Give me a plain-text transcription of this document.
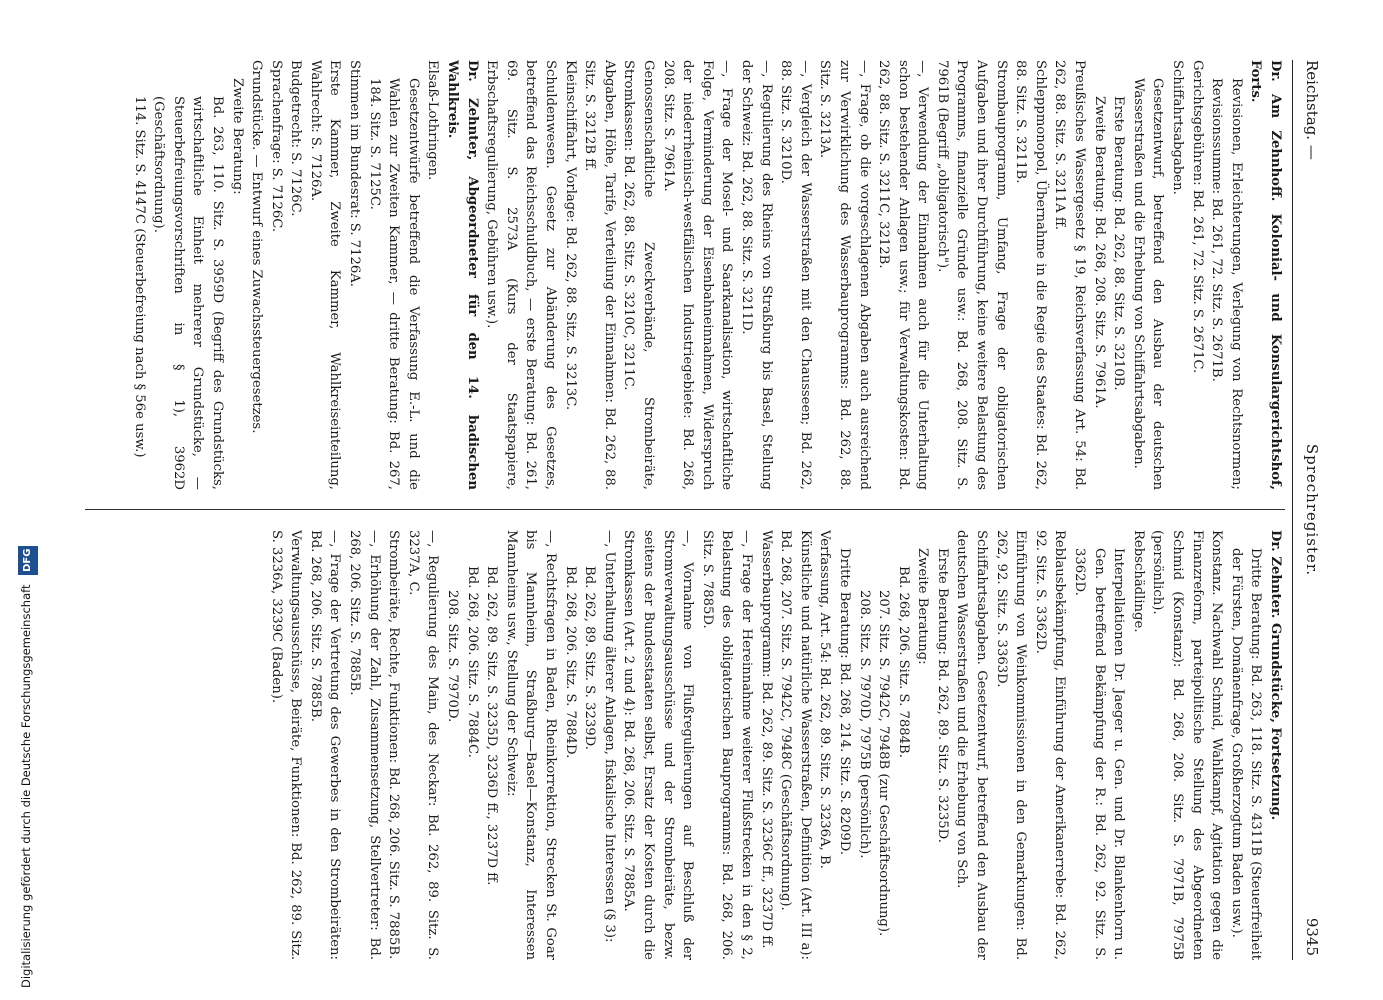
Reichstag. —
Sprechregister.
9345

Dr. Am Zehnhoff. Kolonial- und Konsulargerichtshof, Forts.

Revisionen, Erleichterungen, Verlegung von Rechtsnormen; Revisionssumme: Bd. 261, 72. Sitz. S. 2671B.

Gerichtsgebühren: Bd. 261, 72. Sitz. S. 2671C.

Schiffahrtsabgaben.

Gesetzentwurf, betreffend den Ausbau der deutschen Wasserstraßen und die Erhebung von Schiffahrtsabgaben.

Erste Beratung: Bd. 262, 88. Sitz. S. 3210B.

Zweite Beratung: Bd. 268, 208. Sitz. S. 7961A.

Preußisches Wassergesetz § 19, Reichsverfassung Art. 54: Bd. 262, 88. Sitz. S. 3211A ff.

Schleppmonopol, Übernahme in die Regie des Staates: Bd. 262, 88. Sitz. S. 3211B.

Strombauprogramm, Umfang, Frage der obligatorischen Aufgaben und ihrer Durchführung, keine weitere Belastung des Programms, finanzielle Gründe usw.: Bd. 268, 208. Sitz. S. 7961B (Begriff „obligatorisch").

—, Verwendung der Einnahmen auch für die Unterhaltung schon bestehender Anlagen usw.; für Verwaltungskosten: Bd. 262, 88. Sitz. S. 3211C, 3212B.

—, Frage, ob die vorgeschlagenen Abgaben auch ausreichend zur Verwirklichung des Wasserbauprogramms: Bd. 262, 88. Sitz. S. 3213A.

—, Vergleich der Wasserstraßen mit den Chausseen; Bd. 262, 88. Sitz. S. 3210D.

—, Regulierung des Rheins von Straßburg bis Basel, Stellung der Schweiz: Bd. 262, 88. Sitz. S. 3211D.

—, Frage der Mosel- und Saarkanalisation, wirtschaftliche Folge, Verminderung der Eisenbahneinnahmen, Widerspruch der niederrheinisch-westfälischen Industriegebiete: Bd. 268, 208. Sitz. S. 7961A.

Genossenschaftliche Zweckverbände, Strombeiräte, Stromkassen: Bd. 262, 88. Sitz. S. 3210C, 3211C.

Abgaben, Höhe, Tarife, Verteilung der Einnahmen: Bd. 262, 88. Sitz. S. 3212B ff.

Kleinschiffahrt, Vorlage: Bd. 262, 88. Sitz. S. 3213C.

Schuldenwesen. Gesetz zur Abänderung des Gesetzes, betreffend das Reichsschuldbuch, — erste Beratung: Bd. 261, 69. Sitz. S. 2573A (Kurs der Staatspapiere, Erbschaftsregulierung, Gebühren usw.).

Dr. Zehnter, Abgeordneter für den 14. badischen Wahlkreis.

Elsaß-Lothringen.

Gesetzentwürfe betreffend die Verfassung E.-L. und die Wahlen zur Zweiten Kammer, — dritte Beratung: Bd. 267, 184. Sitz. S. 7125C.

Stimmen im Bundesrat: S. 7126A.

Erste Kammer, Zweite Kammer, Wahlkreiseinteilung, Wahlrecht: S. 7126A.

Budgetrecht: S. 7126C.

Sprachenfrage: S. 7126C.

Grundstücke. — Entwurf eines Zuwachssteuergesetzes.

Zweite Beratung:

Bd. 263, 110. Sitz. S. 3959D (Begriff des Grundstücks, wirtschaftliche Einheit mehrerer Grundstücke, — Steuerbefreiungsvorschriften in § 1), 3962D (Geschäftsordnung).

114. Sitz. S. 4147C (Steuerbefreiung nach § 56e usw.)

Dr. Zehnter. Grundstücke, Fortsetzung.

Dritte Beratung: Bd. 263, 118. Sitz. S. 4311B (Steuerfreiheit der Fürsten, Domänenfrage, Großherzogtum Baden usw.).

Konstanz. Nachwahl Schmid, Wahlkampf, Agitation gegen die Finanzreform, parteipolitische Stellung des Abgeordneten Schmid (Konstanz): Bd. 268, 208. Sitz. S. 7971B, 7975B (persönlich).

Rebschädlinge.

Interpellationen Dr. Jaeger u. Gen. und Dr. Blankenhorn u. Gen. betreffend Bekämpfung der R.: Bd. 262, 92. Sitz. S. 3362D.

Reblausbekämpfung, Einführung der Amerikanerrebe: Bd. 262, 92. Sitz. S. 3362D.

Einführung von Weinkommissionen in den Gemarkungen: Bd. 262, 92. Sitz. S. 3363D.

Schiffahrtsabgaben. Gesetzentwurf, betreffend den Ausbau der deutschen Wasserstraßen und die Erhebung von Sch.

Erste Beratung: Bd. 262, 89. Sitz. S. 3235D.

Zweite Beratung:

Bd. 268, 206. Sitz. S. 7884B.

207. Sitz. S. 7942C, 7948B (zur Geschäftsordnung).

208. Sitz. S. 7970D, 7975B (persönlich).

Dritte Beratung: Bd. 268, 214. Sitz. S. 8209D.

Verfassung, Art. 54: Bd. 262, 89. Sitz. S. 3236A, B.

Künstliche und natürliche Wasserstraßen, Definition (Art. III a): Bd. 268, 207. Sitz. S. 7942C, 7948C (Geschäftsordnung).

Wasserbauprogramm: Bd. 262, 89. Sitz. S. 3236C ff., 3237D ff.

—, Frage der Hereinnahme weiterer Flußstrecken in den § 2, Belastung des obligatorischen Bauprogramms: Bd. 268, 206. Sitz. S. 7885D.

—, Vornahme von Flußregulierungen auf Beschluß der Stromverwaltungsausschüsse und der Strombeiräte, bezw. seitens der Bundesstaaten selbst, Ersatz der Kosten durch die Stromkassen (Art. 2 und 4): Bd. 268, 206. Sitz. S. 7885A.

—, Unterhaltung älterer Anlagen, fiskalische Interessen (§ 3):

Bd. 262, 89. Sitz. S. 3239D.

Bd. 268, 206. Sitz. S. 7884D.

—, Rechtsfragen in Baden, Rheinkorrektion, Strecken St. Goar bis Mannheim, Straßburg—Basel—Konstanz, Interessen Mannheims usw., Stellung der Schweiz:

Bd. 262, 89. Sitz. S. 3235D, 3236D ff., 3237D ff.

Bd. 268, 206. Sitz. S. 7884C.

208. Sitz. S. 7970D.

—, Regulierung des Main, des Neckar: Bd. 262, 89. Sitz. S. 3237A, C.

Strombeiräte, Rechte, Funktionen: Bd. 268, 206. Sitz. S. 7885B.

—, Erhöhung der Zahl, Zusammensetzung, Stellvertreter: Bd. 268, 206. Sitz. S. 7885B.

—, Frage der Vertretung des Gewerbes in den Strombeiräten: Bd. 268, 206. Sitz. S. 7885B.

Verwaltungsausschüsse, Beiräte, Funktionen: Bd. 262, 89. Sitz. S. 3236A, 3239C (Baden).

Digitalisierung gefördert durch die Deutsche Forschungsgemeinschaft DFG
